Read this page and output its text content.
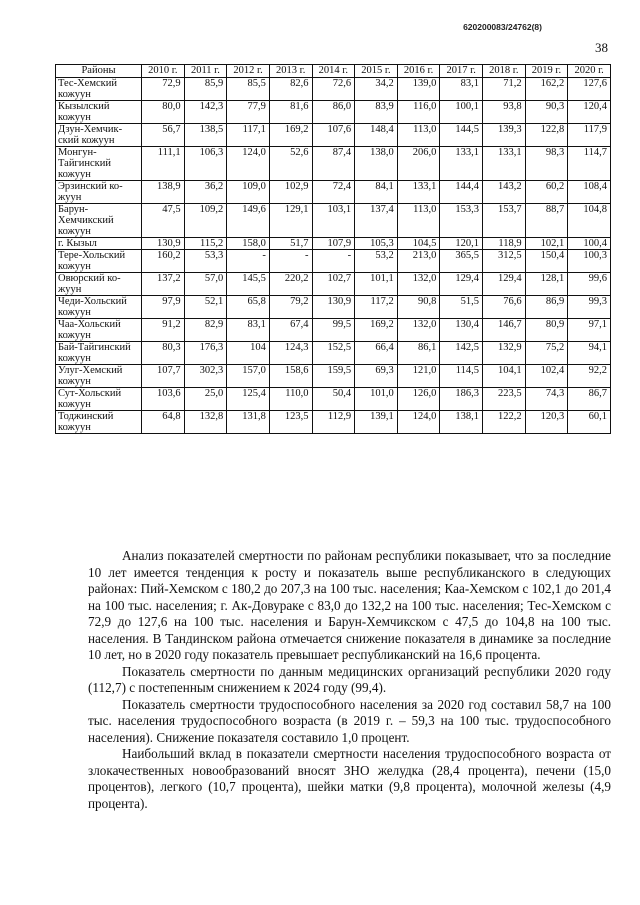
620200083/24762(8)
38
Районы	2010 г.	2011 г.	2012 г.	2013 г.	2014 г.	2015 г.	2016 г.	2017 г.	2018 г.	2019 г.	2020 г.
Тес-Хемский кожуун	72,9	85,9	85,5	82,6	72,6	34,2	139,0	83,1	71,2	162,2	127,6
Кызылский кожуун	80,0	142,3	77,9	81,6	86,0	83,9	116,0	100,1	93,8	90,3	120,4
Дзун-Хемчикский кожуун	56,7	138,5	117,1	169,2	107,6	148,4	113,0	144,5	139,3	122,8	117,9
Монгун-Тайгинский кожуун	111,1	106,3	124,0	52,6	87,4	138,0	206,0	133,1	133,1	98,3	114,7
Эрзинский кожуун	138,9	36,2	109,0	102,9	72,4	84,1	133,1	144,4	143,2	60,2	108,4
Барун-Хемчикский кожуун	47,5	109,2	149,6	129,1	103,1	137,4	113,0	153,3	153,7	88,7	104,8
г. Кызыл	130,9	115,2	158,0	51,7	107,9	105,3	104,5	120,1	118,9	102,1	100,4
Тере-Хольский кожуун	160,2	53,3	-	-	-	53,2	213,0	365,5	312,5	150,4	100,3
Овюрский кожуун	137,2	57,0	145,5	220,2	102,7	101,1	132,0	129,4	129,4	128,1	99,6
Чеди-Хольский кожуун	97,9	52,1	65,8	79,2	130,9	117,2	90,8	51,5	76,6	86,9	99,3
Чаа-Хольский кожуун	91,2	82,9	83,1	67,4	99,5	169,2	132,0	130,4	146,7	80,9	97,1
Бай-Тайгинский кожуун	80,3	176,3	104	124,3	152,5	66,4	86,1	142,5	132,9	75,2	94,1
Улуг-Хемский кожуун	107,7	302,3	157,0	158,6	159,5	69,3	121,0	114,5	104,1	102,4	92,2
Сут-Хольский кожуун	103,6	25,0	125,4	110,0	50,4	101,0	126,0	186,3	223,5	74,3	86,7
Тоджинский кожуун	64,8	132,8	131,8	123,5	112,9	139,1	124,0	138,1	122,2	120,3	60,1

Анализ показателей смертности по районам республики показывает, что за последние 10 лет имеется тенденция к росту и показатель выше республиканского в следующих районах: Пий-Хемском с 180,2 до 207,3 на 100 тыс. населения; Каа-Хемском с 102,1 до 201,4 на 100 тыс. населения; г. Ак-Довураке с 83,0 до 132,2 на 100 тыс. населения; Тес-Хемском с 72,9 до 127,6 на 100 тыс. населения и Барун-Хемчикском с 47,5 до 104,8 на 100 тыс. населения. В Тандинском района отмечается снижение показателя в динамике за последние 10 лет, но в 2020 году показатель превышает республиканский на 16,6 процента.

Показатель смертности по данным медицинских организаций республики 2020 году (112,7) с постепенным снижением к 2024 году (99,4).

Показатель смертности трудоспособного населения за 2020 год составил 58,7 на 100 тыс. населения трудоспособного возраста (в 2019 г. – 59,3 на 100 тыс. трудоспособного населения). Снижение показателя составило 1,0 процент.

Наибольший вклад в показатели смертности населения трудоспособного возраста от злокачественных новообразований вносят ЗНО желудка (28,4 процента), печени (15,0 процентов), легкого (10,7 процента), шейки матки (9,8 процента), молочной железы (4,9 процента).
